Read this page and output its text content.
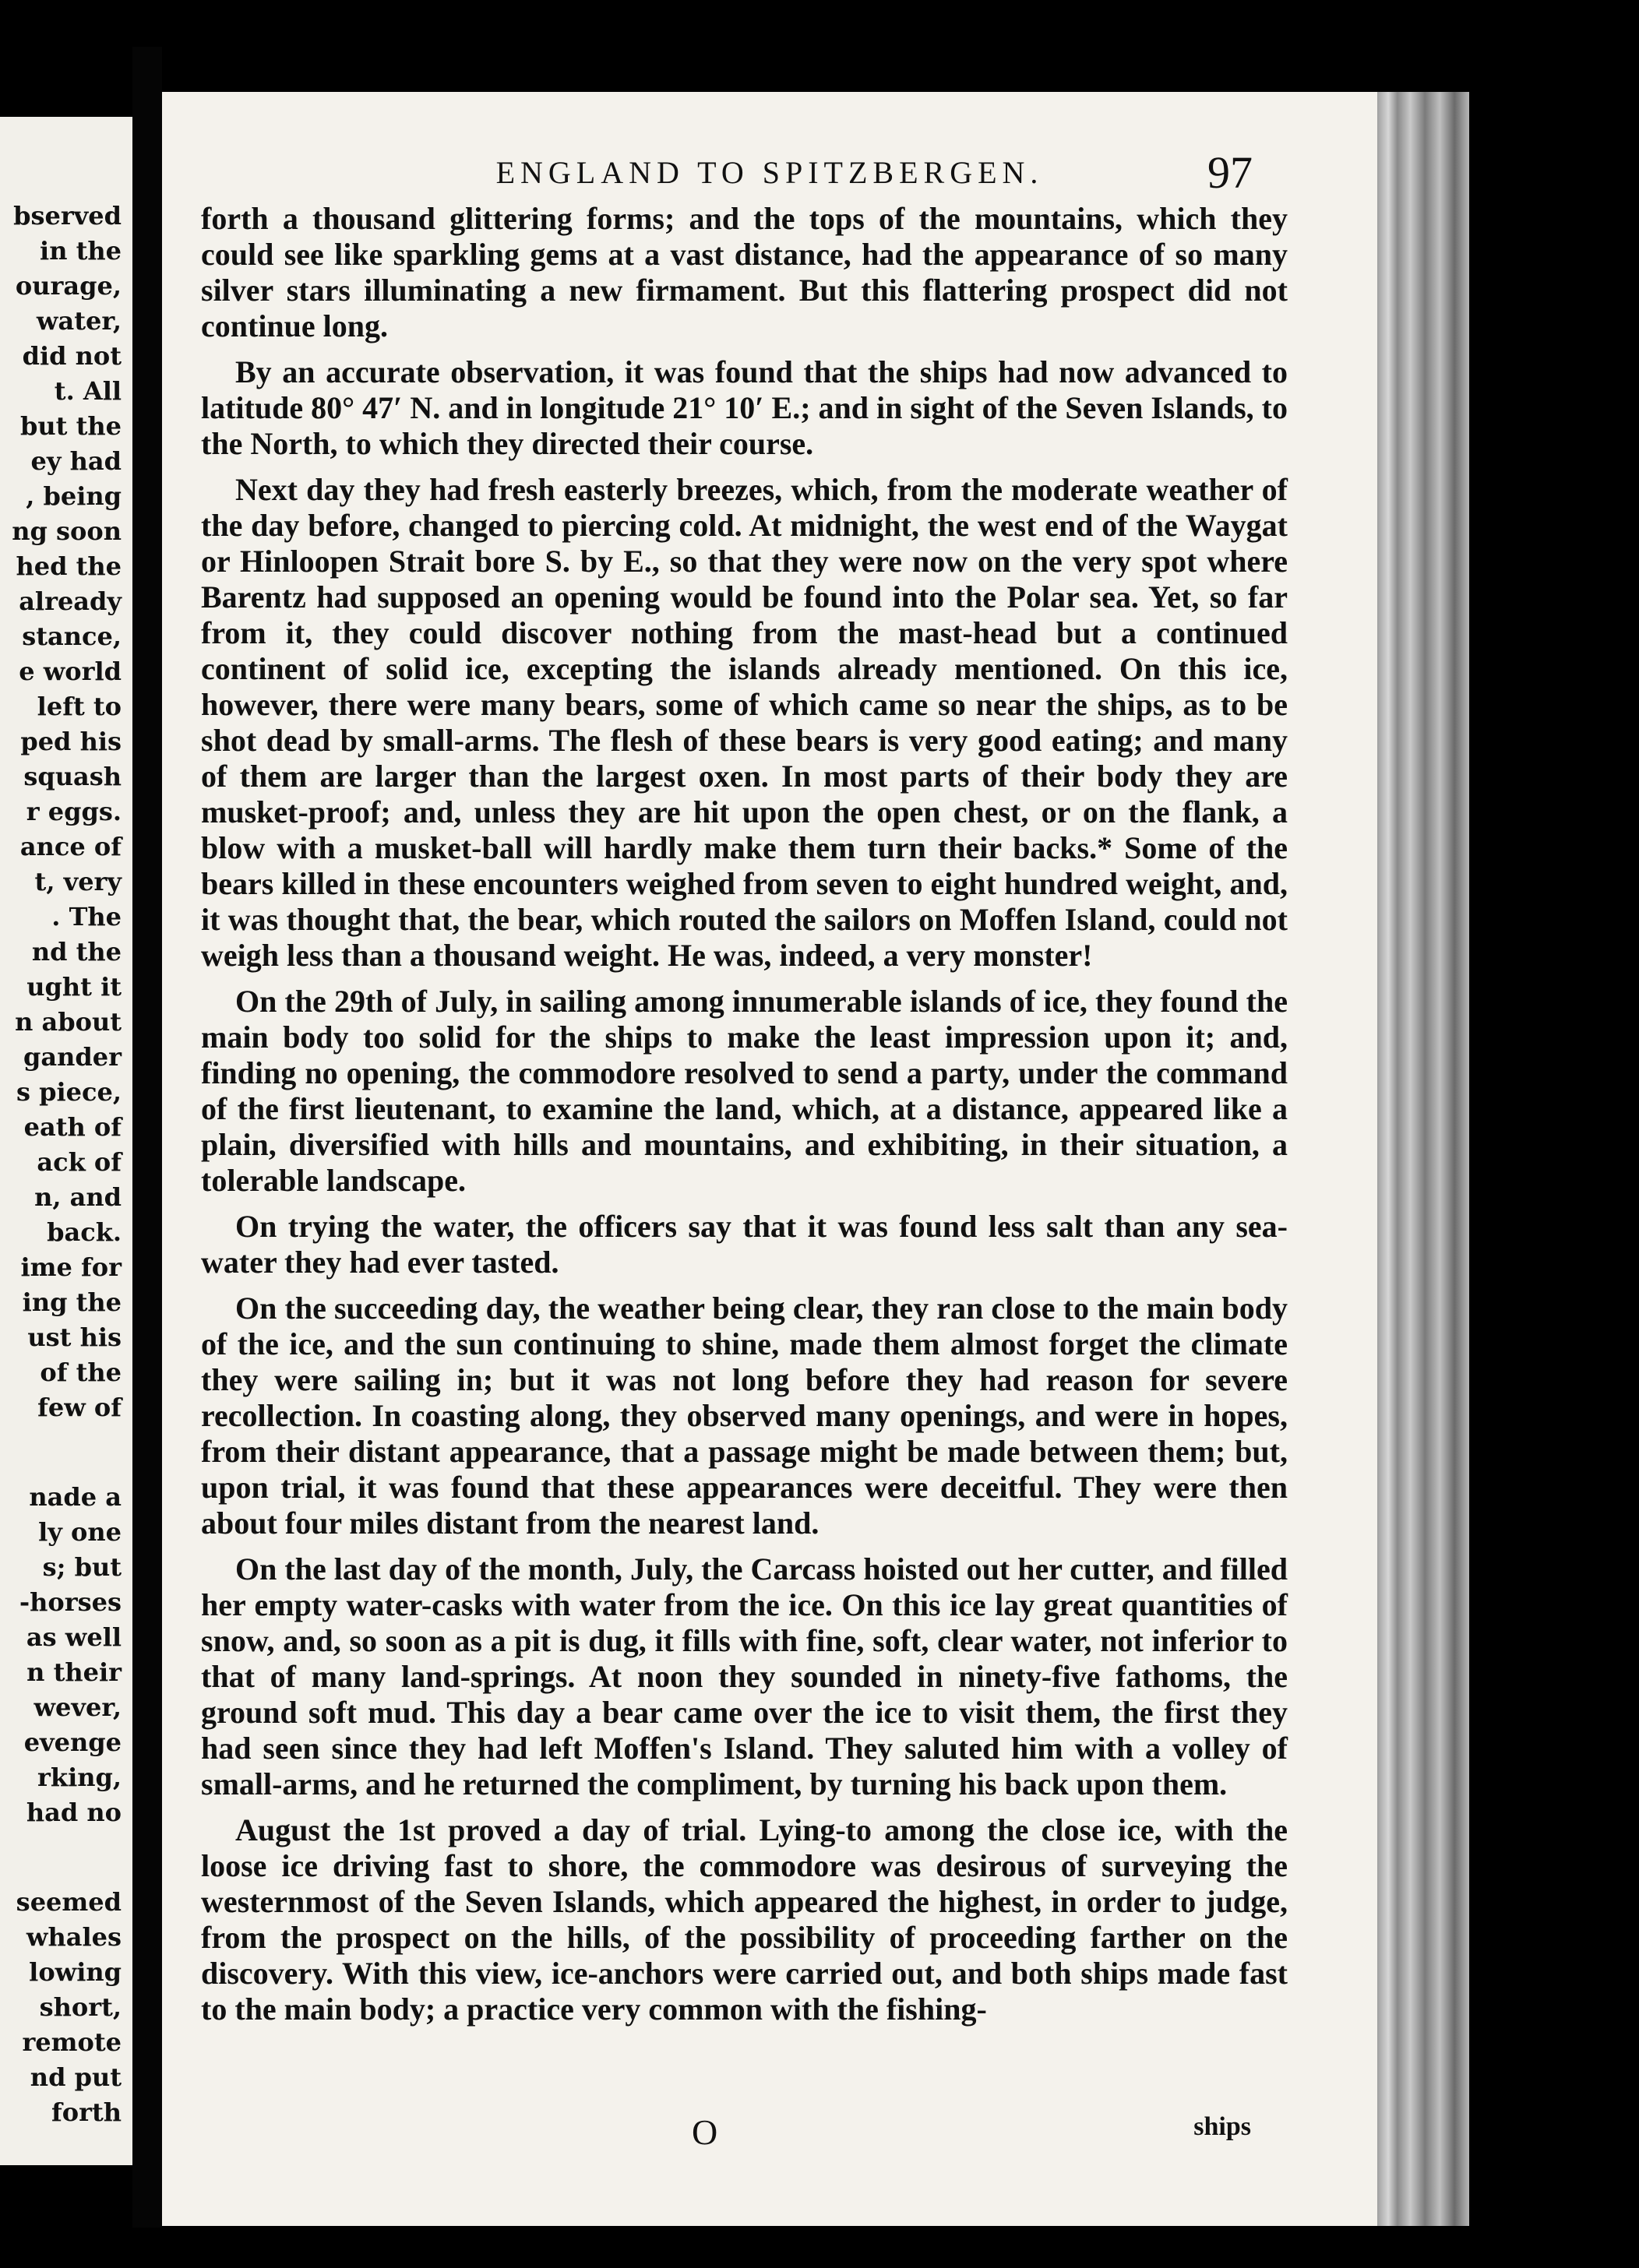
bserved

in the

ourage,

water,

did not

t. All

but the

ey had

, being

ng soon

hed the

already

stance,

e world

left to

ped his

squash

r eggs.

ance of

t, very

. The

nd the

ught it

n about

gander

s piece,

eath of

ack of

n, and

back.

ime for

ing the

ust his

of the

few of

nade a

ly one

s; but

-horses

as well

n their

wever,

evenge

rking,

had no

seemed

whales

lowing

short,

remote

nd put

forth

ENGLAND TO SPITZBERGEN.	97

forth a thousand glittering forms; and the tops of the mountains, which they could see like sparkling gems at a vast distance, had the appearance of so many silver stars illuminating a new firmament. But this flattering prospect did not continue long.

By an accurate observation, it was found that the ships had now advanced to latitude 80° 47′ N. and in longitude 21° 10′ E.; and in sight of the Seven Islands, to the North, to which they directed their course.

Next day they had fresh easterly breezes, which, from the moderate weather of the day before, changed to piercing cold. At midnight, the west end of the Waygat or Hinloopen Strait bore S. by E., so that they were now on the very spot where Barentz had supposed an opening would be found into the Polar sea. Yet, so far from it, they could discover nothing from the mast-head but a continued continent of solid ice, excepting the islands already mentioned. On this ice, however, there were many bears, some of which came so near the ships, as to be shot dead by small-arms. The flesh of these bears is very good eating; and many of them are larger than the largest oxen. In most parts of their body they are musket-proof; and, unless they are hit upon the open chest, or on the flank, a blow with a musket-ball will hardly make them turn their backs.* Some of the bears killed in these encounters weighed from seven to eight hundred weight, and, it was thought that, the bear, which routed the sailors on Moffen Island, could not weigh less than a thousand weight. He was, indeed, a very monster!

On the 29th of July, in sailing among innumerable islands of ice, they found the main body too solid for the ships to make the least impression upon it; and, finding no opening, the commodore resolved to send a party, under the command of the first lieutenant, to examine the land, which, at a distance, appeared like a plain, diversified with hills and mountains, and exhibiting, in their situation, a tolerable landscape.

On trying the water, the officers say that it was found less salt than any sea-water they had ever tasted.

On the succeeding day, the weather being clear, they ran close to the main body of the ice, and the sun continuing to shine, made them almost forget the climate they were sailing in; but it was not long before they had reason for severe recollection. In coasting along, they observed many openings, and were in hopes, from their distant appearance, that a passage might be made between them; but, upon trial, it was found that these appearances were deceitful. They were then about four miles distant from the nearest land.

On the last day of the month, July, the Carcass hoisted out her cutter, and filled her empty water-casks with water from the ice. On this ice lay great quantities of snow, and, so soon as a pit is dug, it fills with fine, soft, clear water, not inferior to that of many land-springs. At noon they sounded in ninety-five fathoms, the ground soft mud. This day a bear came over the ice to visit them, the first they had seen since they had left Moffen's Island. They saluted him with a volley of small-arms, and he returned the compliment, by turning his back upon them.

August the 1st proved a day of trial. Lying-to among the close ice, with the loose ice driving fast to shore, the commodore was desirous of surveying the westernmost of the Seven Islands, which appeared the highest, in order to judge, from the prospect on the hills, of the possibility of proceeding farther on the discovery. With this view, ice-anchors were carried out, and both ships made fast to the main body; a practice very common with the fishing-

O	ships
